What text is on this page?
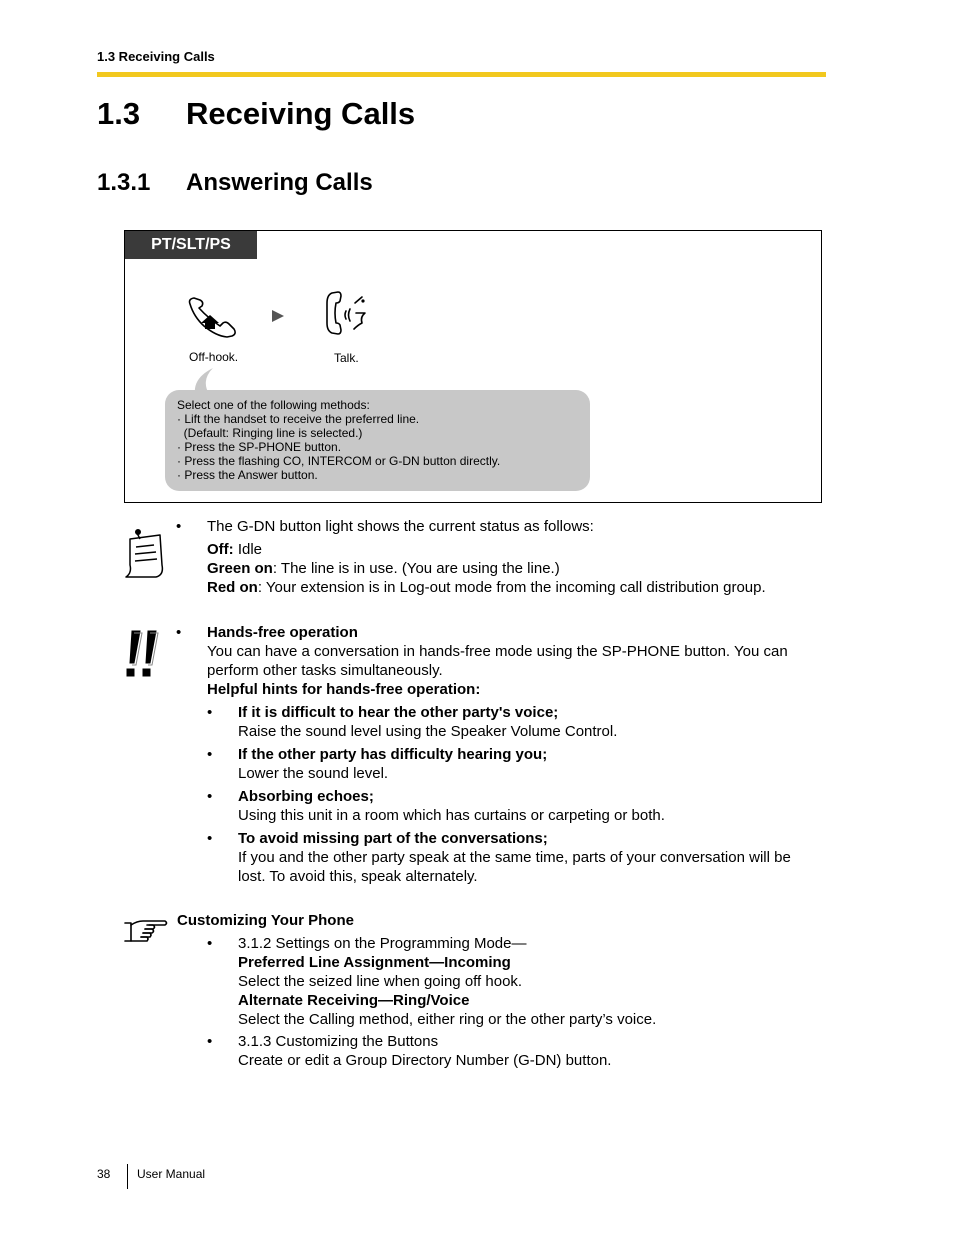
1.3 Receiving Calls
1.3 Receiving Calls
1.3.1 Answering Calls
PT/SLT/PS
Off-hook.	Talk.

Select one of the following methods:

· Lift the handset to receive the preferred line.

(Default: Ringing line is selected.)

· Press the SP-PHONE button.

· Press the flashing CO, INTERCOM or G-DN button directly.

· Press the Answer button.

• The G-DN button light shows the current status as follows:

Off: Idle

Green on: The line is in use. (You are using the line.)

Red on: Your extension is in Log-out mode from the incoming call distribution group.

• Hands-free operation

You can have a conversation in hands-free mode using the SP-PHONE button. You can

perform other tasks simultaneously.

Helpful hints for hands-free operation:

• If it is difficult to hear the other party's voice;

Raise the sound level using the Speaker Volume Control.

• If the other party has difficulty hearing you;

Lower the sound level.

• Absorbing echoes;

Using this unit in a room which has curtains or carpeting or both.

• To avoid missing part of the conversations;

If you and the other party speak at the same time, parts of your conversation will be lost. To avoid this, speak alternately.

Customizing Your Phone
• 3.1.2 Settings on the Programming Mode—

Preferred Line Assignment—Incoming

Select the seized line when going off hook.

Alternate Receiving—Ring/Voice

Select the Calling method, either ring or the other party’s voice.

• 3.1.3 Customizing the Buttons

Create or edit a Group Directory Number (G-DN) button.

38 User Manual
